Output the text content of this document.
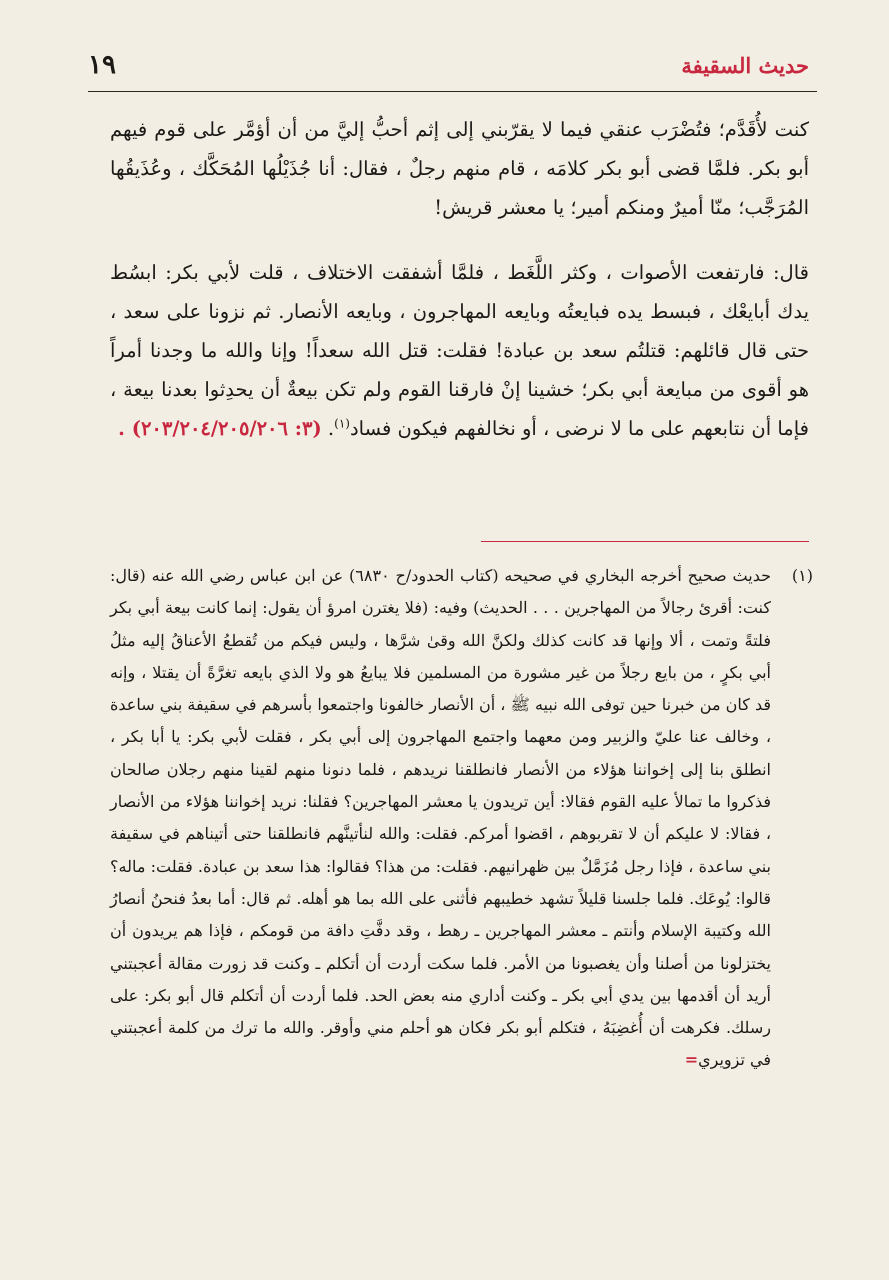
حديث السقيفة
١٩

كنت لأُقَدَّم؛ فتُضْرَب عنقي فيما لا يقرّبني إلى إثم أحبُّ إليَّ من أن أؤمَّر على قوم فيهم أبو بكر. فلمَّا قضى أبو بكر كلامَه ، قام منهم رجلٌ ، فقال: أنا جُذَيْلُها المُحَكَّك ، وعُذَيقُها المُرَجَّب؛ منّا أميرٌ ومنكم أمير؛ يا معشر قريش!

قال: فارتفعت الأصوات ، وكثر اللَّغَط ، فلمَّا أشفقت الاختلاف ، قلت لأبي بكر: ابسُط يدك أبايعْك ، فبسط يده فبايعتُه وبايعه المهاجرون ، وبايعه الأنصار. ثم نزونا على سعد ، حتى قال قائلهم: قتلتُم سعد بن عبادة! فقلت: قتل الله سعداً! وإنا والله ما وجدنا أمراً هو أقوى من مبايعة أبي بكر؛ خشينا إنْ فارقنا القوم ولم تكن بيعةٌ أن يحدِثوا بعدنا بيعة ، فإما أن نتابعهم على ما لا نرضى ، أو نخالفهم فيكون فساد$^{(١)}$. (٣: ٢٠٣/٢٠٤/٢٠٥/٢٠٦) .

(١)

حديث صحيح أخرجه البخاري في صحيحه (كتاب الحدود/ح ٦٨٣٠) عن ابن عباس رضي الله عنه (قال: كنت: أقرئ رجالاً من المهاجرين . . . الحديث) وفيه: (فلا يغترن امرؤ أن يقول: إنما كانت بيعة أبي بكر فلتةً وتمت ، ألا وإنها قد كانت كذلك ولكنَّ الله وقىٰ شرَّها ، وليس فيكم من تُقطعُ الأعناقُ إليه مثلُ أبي بكرٍ ، من بايع رجلاً من غير مشورة من المسلمين فلا يبايعُ هو ولا الذي بايعه تغرَّةً أن يقتلا ، وإنه قد كان من خبرنا حين توفى الله نبيه ﷺ ، أن الأنصار خالفونا واجتمعوا بأسرهم في سقيفة بني ساعدة ، وخالف عنا عليّ والزبير ومن معهما واجتمع المهاجرون إلى أبي بكر ، فقلت لأبي بكر: يا أبا بكر ، انطلق بنا إلى إخواننا هؤلاء من الأنصار فانطلقنا نريدهم ، فلما دنونا منهم لقينا منهم رجلان صالحان فذكروا ما تمالأ عليه القوم فقالا: أين تريدون يا معشر المهاجرين؟ فقلنا: نريد إخواننا هؤلاء من الأنصار ، فقالا: لا عليكم أن لا تقربوهم ، اقضوا أمركم. فقلت: والله لنأتينَّهم فانطلقنا حتى أتيناهم في سقيفة بني ساعدة ، فإذا رجل مُزَمَّلٌ بين ظهرانيهم. فقلت: من هذا؟ فقالوا: هذا سعد بن عبادة. فقلت: ماله؟ قالوا: يُوعَك. فلما جلسنا قليلاً تشهد خطيبهم فأثنى على الله بما هو أهله. ثم قال: أما بعدُ فنحنُ أنصارُ الله وكتيبة الإسلام وأنتم ـ معشر المهاجرين ـ رهط ، وقد دفَّتِ دافة من قومكم ، فإذا هم يريدون أن يختزلونا من أصلنا وأن يغصبونا من الأمر. فلما سكت أردت أن أتكلم ـ وكنت قد زورت مقالة أعجبتني أريد أن أقدمها بين يدي أبي بكر ـ وكنت أداري منه بعض الحد. فلما أردت أن أتكلم قال أبو بكر: على رسلك. فكرهت أن أُغضِبَهُ ، فتكلم أبو بكر فكان هو أحلم مني وأوقر. والله ما ترك من كلمة أعجبتني في تزويري=
